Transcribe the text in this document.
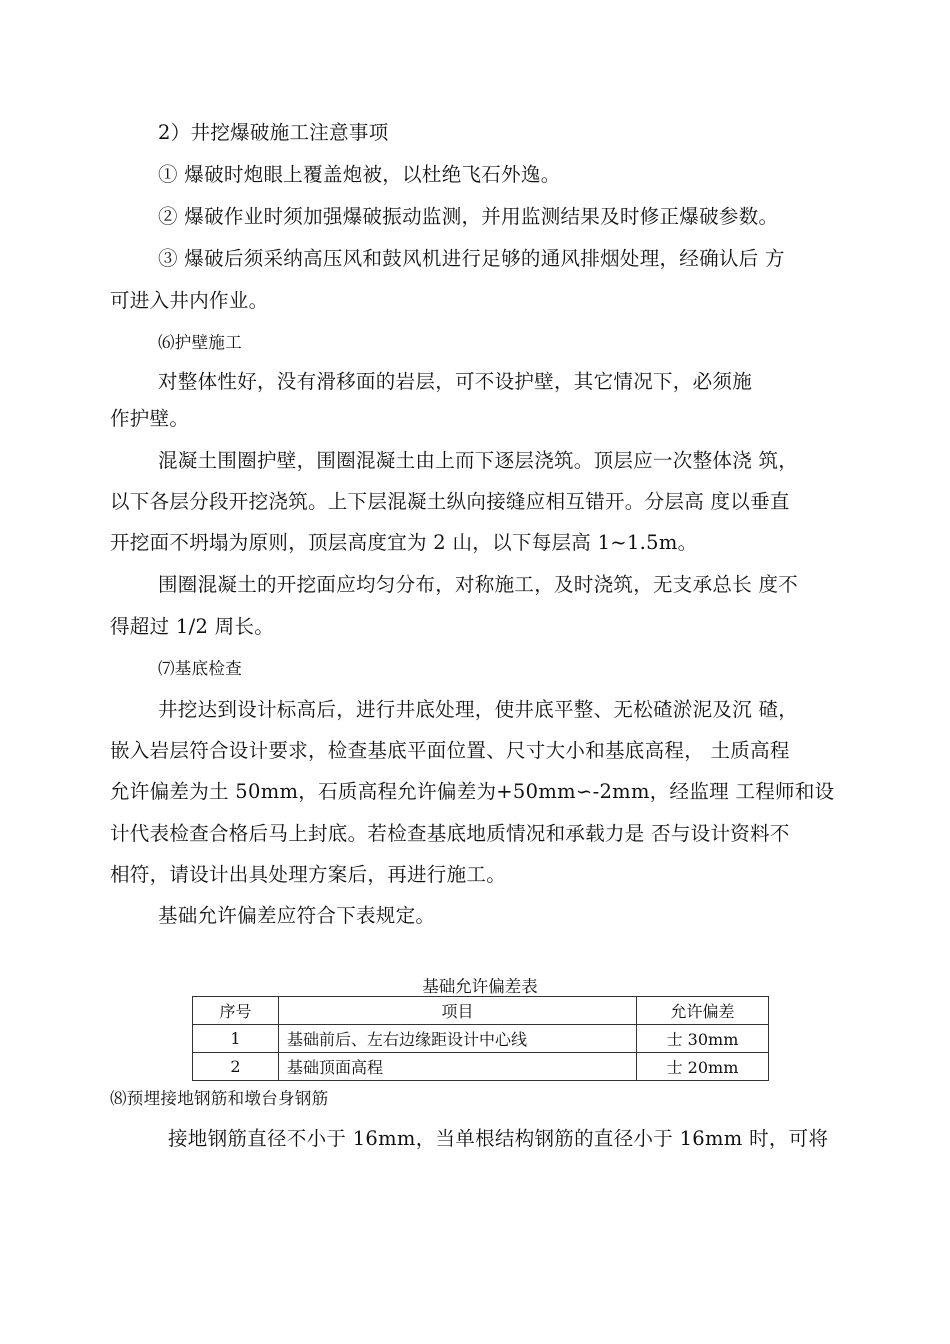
2）井挖爆破施工注意事项
① 爆破时炮眼上覆盖炮被，以杜绝飞石外逸。
② 爆破作业时须加强爆破振动监测，并用监测结果及时修正爆破参数。
③ 爆破后须采纳高压风和鼓风机进行足够的通风排烟处理，经确认后 方
可进入井内作业。
⑹护壁施工
对整体性好，没有滑移面的岩层，可不设护壁，其它情况下，必须施
作护壁。
混凝土围圈护壁，围圈混凝土由上而下逐层浇筑。顶层应一次整体浇 筑，
以下各层分段开挖浇筑。上下层混凝土纵向接缝应相互错开。分层高 度以垂直
开挖面不坍塌为原则，顶层高度宜为 2 山，以下每层高 1~1.5m。
围圈混凝土的开挖面应均匀分布，对称施工，及时浇筑，无支承总长 度不
得超过 1/2 周长。
⑺基底检查
井挖达到设计标高后，进行井底处理，使井底平整、无松碴淤泥及沉 碴，
嵌入岩层符合设计要求，检查基底平面位置、尺寸大小和基底高程， 土质高程
允许偏差为土 50mm，石质高程允许偏差为+50mm∽-2mm，经监理 工程师和设
计代表检查合格后马上封底。若检查基底地质情况和承载力是 否与设计资料不
相符，请设计出具处理方案后，再进行施工。
基础允许偏差应符合下表规定。
基础允许偏差表
序号	项目	允许偏差
1	基础前后、左右边缘距设计中心线	士 30mm
2	基础顶面高程	士 20mm
⑻预埋接地钢筋和墩台身钢筋
接地钢筋直径不小于 16mm，当单根结构钢筋的直径小于 16mm 时，可将
